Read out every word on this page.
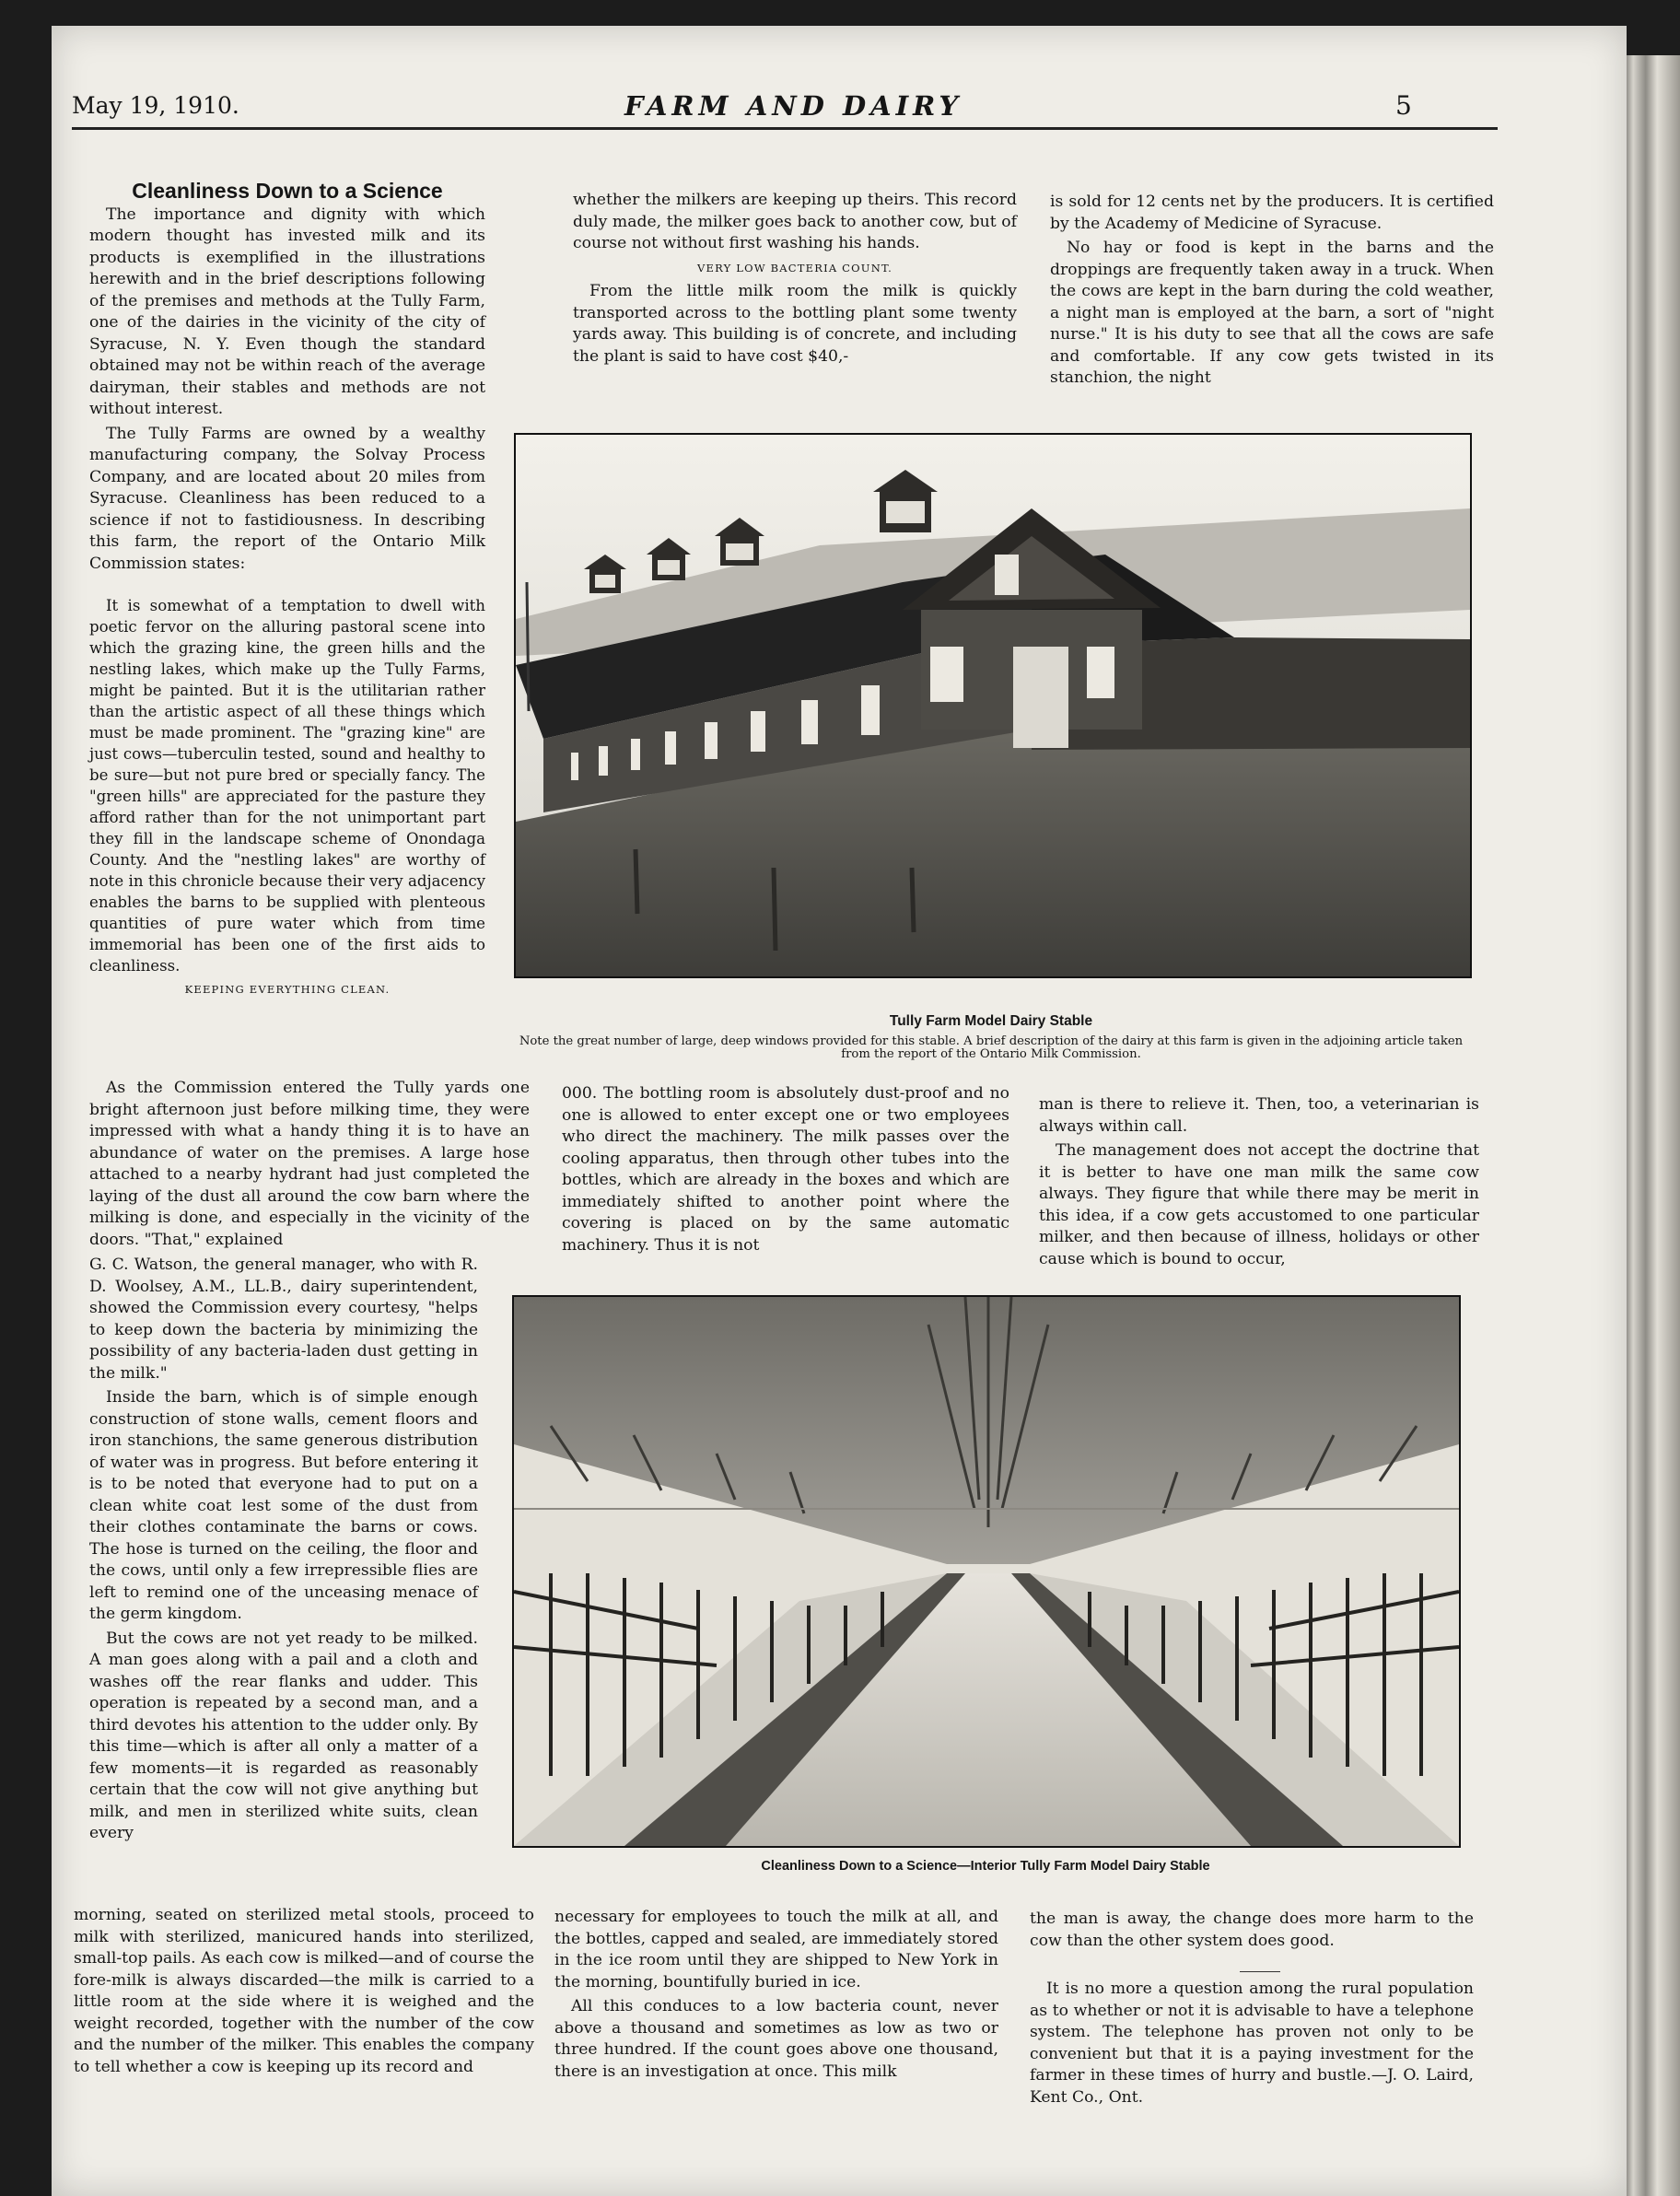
May 19, 1910.	FARM AND DAIRY	5
Cleanliness Down to a Science

The importance and dignity with which modern thought has invested milk and its products is exemplified in the illustrations herewith and in the brief descriptions following of the premises and methods at the Tully Farm, one of the dairies in the vicinity of the city of Syracuse, N. Y. Even though the standard obtained may not be within reach of the average dairyman, their stables and methods are not without interest.

The Tully Farms are owned by a wealthy manufacturing company, the Solvay Process Company, and are located about 20 miles from Syracuse. Cleanliness has been reduced to a science if not to fastidiousness. In describing this farm, the report of the Ontario Milk Commission states:

It is somewhat of a temptation to dwell with poetic fervor on the alluring pastoral scene into which the grazing kine, the green hills and the nestling lakes, which make up the Tully Farms, might be painted. But it is the utilitarian rather than the artistic aspect of all these things which must be made prominent. The "grazing kine" are just cows—tuberculin tested, sound and healthy to be sure—but not pure bred or specially fancy. The "green hills" are appreciated for the pasture they afford rather than for the not unimportant part they fill in the landscape scheme of Onondaga County. And the "nestling lakes" are worthy of note in this chronicle because their very adjacency enables the barns to be supplied with plenteous quantities of pure water which from time immemorial has been one of the first aids to cleanliness.

KEEPING EVERYTHING CLEAN.

As the Commission entered the Tully yards one bright afternoon just before milking time, they were impressed with what a handy thing it is to have an abundance of water on the premises. A large hose attached to a nearby hydrant had just completed the laying of the dust all around the cow barn where the milking is done, and especially in the vicinity of the doors. "That," explained

G. C. Watson, the general manager, who with R. D. Woolsey, A.M., LL.B., dairy superintendent, showed the Commission every courtesy, "helps to keep down the bacteria by minimizing the possibility of any bacteria-laden dust getting in the milk."

Inside the barn, which is of simple enough construction of stone walls, cement floors and iron stanchions, the same generous distribution of water was in progress. But before entering it is to be noted that everyone had to put on a clean white coat lest some of the dust from their clothes contaminate the barns or cows. The hose is turned on the ceiling, the floor and the cows, until only a few irrepressible flies are left to remind one of the unceasing menace of the germ kingdom.

But the cows are not yet ready to be milked. A man goes along with a pail and a cloth and washes off the rear flanks and udder. This operation is repeated by a second man, and a third devotes his attention to the udder only. By this time—which is after all only a matter of a few moments—it is regarded as reasonably certain that the cow will not give anything but milk, and men in sterilized white suits, clean every

morning, seated on sterilized metal stools, proceed to milk with sterilized, manicured hands into sterilized, small-top pails. As each cow is milked—and of course the fore-milk is always discarded—the milk is carried to a little room at the side where it is weighed and the weight recorded, together with the number of the cow and the number of the milker. This enables the company to tell whether a cow is keeping up its record and

whether the milkers are keeping up theirs. This record duly made, the milker goes back to another cow, but of course not without first washing his hands.

VERY LOW BACTERIA COUNT.

From the little milk room the milk is quickly transported across to the bottling plant some twenty yards away. This building is of concrete, and including the plant is said to have cost $40,-

is sold for 12 cents net by the producers. It is certified by the Academy of Medicine of Syracuse.

No hay or food is kept in the barns and the droppings are frequently taken away in a truck. When the cows are kept in the barn during the cold weather, a night man is employed at the barn, a sort of "night nurse." It is his duty to see that all the cows are safe and comfortable. If any cow gets twisted in its stanchion, the night

Tully Farm Model Dairy Stable
Note the great number of large, deep windows provided for this stable. A brief description of the dairy at this farm is given in the adjoining article taken from the report of the Ontario Milk Commission.

000. The bottling room is absolutely dust-proof and no one is allowed to enter except one or two employees who direct the machinery. The milk passes over the cooling apparatus, then through other tubes into the bottles, which are already in the boxes and which are immediately shifted to another point where the covering is placed on by the same automatic machinery. Thus it is not

man is there to relieve it. Then, too, a veterinarian is always within call.

The management does not accept the doctrine that it is better to have one man milk the same cow always. They figure that while there may be merit in this idea, if a cow gets accustomed to one particular milker, and then because of illness, holidays or other cause which is bound to occur,

Cleanliness Down to a Science—Interior Tully Farm Model Dairy Stable

necessary for employees to touch the milk at all, and the bottles, capped and sealed, are immediately stored in the ice room until they are shipped to New York in the morning, bountifully buried in ice.

All this conduces to a low bacteria count, never above a thousand and sometimes as low as two or three hundred. If the count goes above one thousand, there is an investigation at once. This milk

the man is away, the change does more harm to the cow than the other system does good.

It is no more a question among the rural population as to whether or not it is advisable to have a telephone system. The telephone has proven not only to be convenient but that it is a paying investment for the farmer in these times of hurry and bustle.—J. O. Laird, Kent Co., Ont.
